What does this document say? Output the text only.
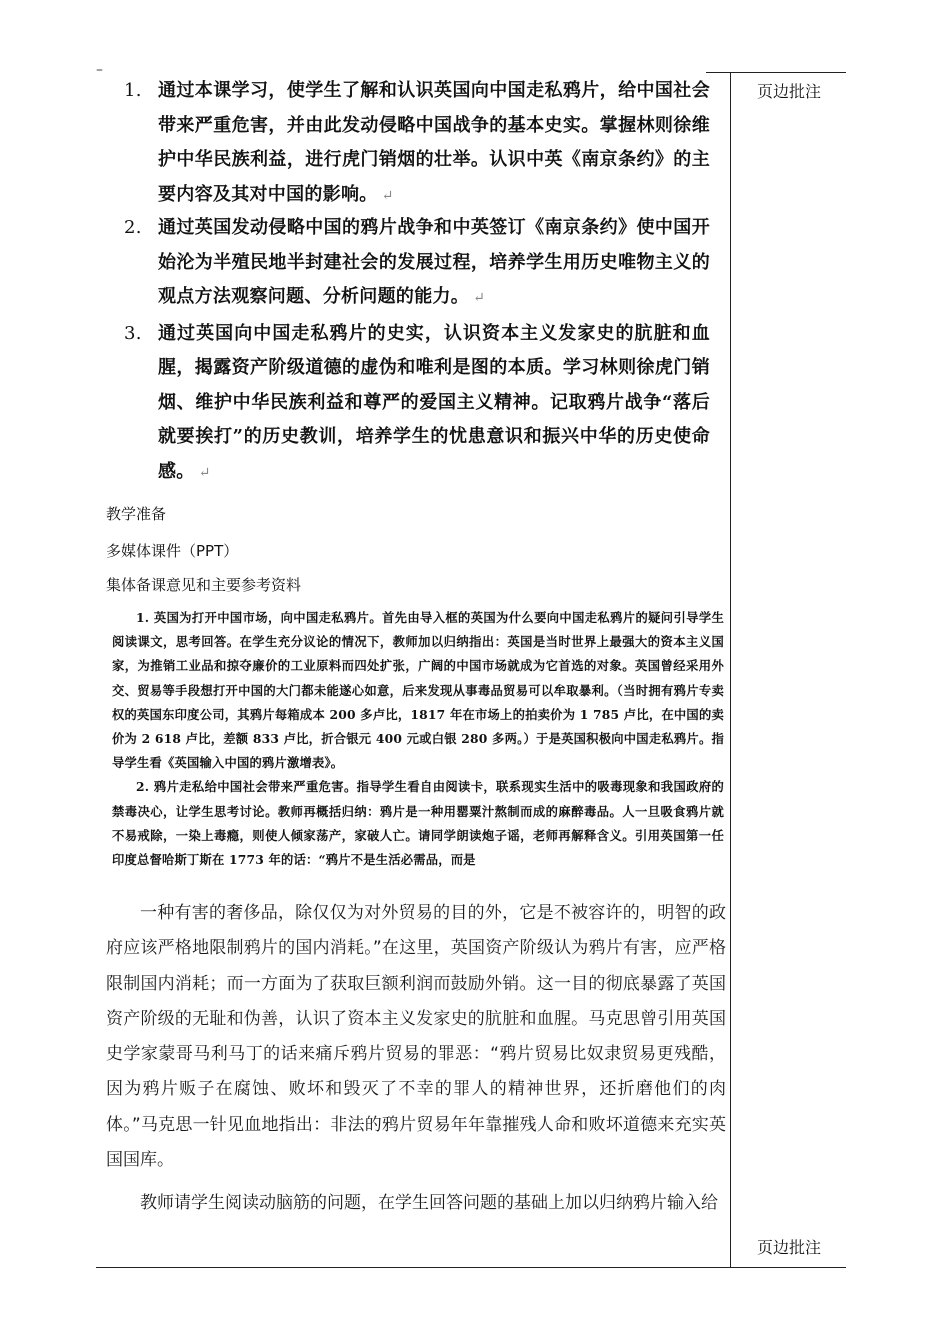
–
页边批注
页边批注
1. 通过本课学习，使学生了解和认识英国向中国走私鸦片，给中国社会带来严重危害，并由此发动侵略中国战争的基本史实。掌握林则徐维护中华民族利益，进行虎门销烟的壮举。认识中英《南京条约》的主要内容及其对中国的影响。 ↵
2. 通过英国发动侵略中国的鸦片战争和中英签订《南京条约》使中国开始沦为半殖民地半封建社会的发展过程，培养学生用历史唯物主义的观点方法观察问题、分析问题的能力。 ↵
3. 通过英国向中国走私鸦片的史实，认识资本主义发家史的肮脏和血腥，揭露资产阶级道德的虚伪和唯利是图的本质。学习林则徐虎门销烟、维护中华民族利益和尊严的爱国主义精神。记取鸦片战争“落后就要挨打”的历史教训，培养学生的忧患意识和振兴中华的历史使命感。 ↵
教学准备
多媒体课件（PPT）
集体备课意见和主要参考资料

1. 英国为打开中国市场，向中国走私鸦片。首先由导入框的英国为什么要向中国走私鸦片的疑问引导学生阅读课文，思考回答。在学生充分议论的情况下，教师加以归纳指出：英国是当时世界上最强大的资本主义国家，为推销工业品和掠夺廉价的工业原料而四处扩张，广阔的中国市场就成为它首选的对象。英国曾经采用外交、贸易等手段想打开中国的大门都未能遂心如意，后来发现从事毒品贸易可以牟取暴利。（当时拥有鸦片专卖权的英国东印度公司，其鸦片每箱成本 200 多卢比，1817 年在市场上的拍卖价为 1 785 卢比，在中国的卖价为 2 618 卢比，差额 833 卢比，折合银元 400 元或白银 280 多两。）于是英国积极向中国走私鸦片。指导学生看《英国输入中国的鸦片激增表》。

2. 鸦片走私给中国社会带来严重危害。指导学生看自由阅读卡，联系现实生活中的吸毒现象和我国政府的禁毒决心，让学生思考讨论。教师再概括归纳：鸦片是一种用罂粟汁熬制而成的麻醉毒品。人一旦吸食鸦片就不易戒除，一染上毒瘾，则使人倾家荡产，家破人亡。请同学朗读炮子谣，老师再解释含义。引用英国第一任印度总督哈斯丁斯在 1773 年的话：“鸦片不是生活必需品，而是

一种有害的奢侈品，除仅仅为对外贸易的目的外，它是不被容许的，明智的政府应该严格地限制鸦片的国内消耗。”在这里，英国资产阶级认为鸦片有害，应严格限制国内消耗；而一方面为了获取巨额利润而鼓励外销。这一目的彻底暴露了英国资产阶级的无耻和伪善，认识了资本主义发家史的肮脏和血腥。马克思曾引用英国史学家蒙哥马利马丁的话来痛斥鸦片贸易的罪恶：“鸦片贸易比奴隶贸易更残酷，因为鸦片贩子在腐蚀、败坏和毁灭了不幸的罪人的精神世界，还折磨他们的肉体。”马克思一针见血地指出：非法的鸦片贸易年年靠摧残人命和败坏道德来充实英国国库。

教师请学生阅读动脑筋的问题，在学生回答问题的基础上加以归纳鸦片输入给
